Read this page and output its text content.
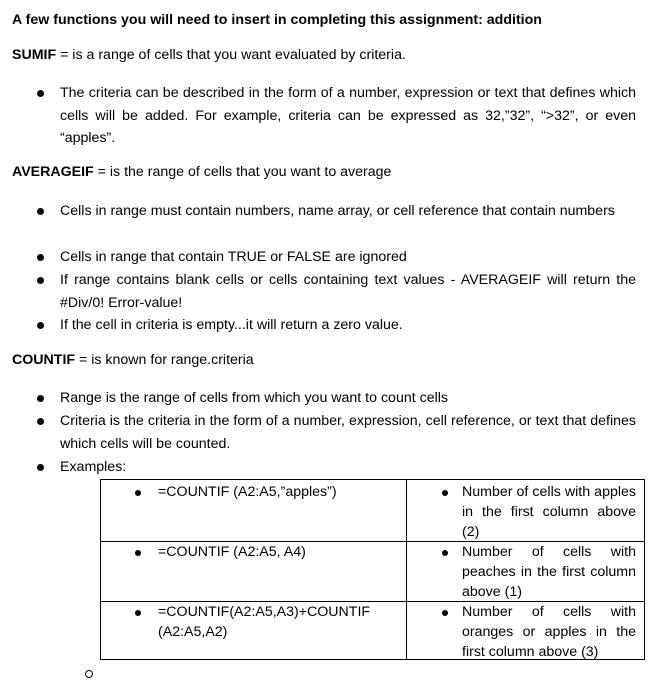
A few functions you will need to insert in completing this assignment: addition
SUMIF = is a range of cells that you want evaluated by criteria.
The criteria can be described in the form of a number, expression or text that defines which cells will be added. For example, criteria can be expressed as 32,”32”, “>32”, or even “apples”.
AVERAGEIF = is the range of cells that you want to average
Cells in range must contain numbers, name array, or cell reference that contain numbers
Cells in range that contain TRUE or FALSE are ignored
If range contains blank cells or cells containing text values - AVERAGEIF will return the #Div/0! Error-value!
If the cell in criteria is empty...it will return a zero value.
COUNTIF = is known for range.criteria
Range is the range of cells from which you want to count cells
Criteria is the criteria in the form of a number, expression, cell reference, or text that defines which cells will be counted.
Examples:
=COUNTIF (A2:A5,”apples”)	Number of cells with apples in the first column above (2)

=COUNTIF (A2:A5, A4)	Number of cells with peaches in the first column above (1)

=COUNTIF(A2:A5,A3)+COUNTIF (A2:A5,A2)	Number of cells with oranges or apples in the first column above (3)
